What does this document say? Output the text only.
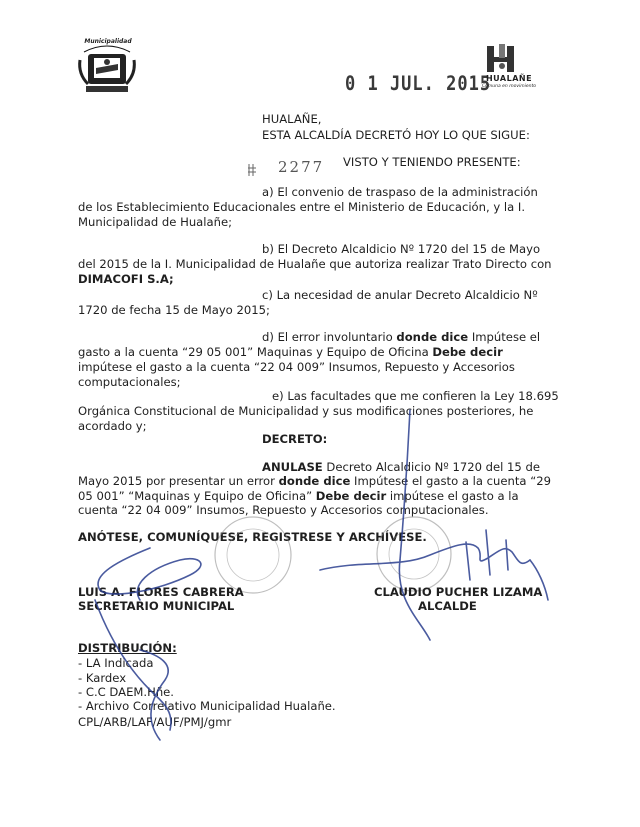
Municipalidad
Hualañe	0 1 JUL. 2015
HUALAÑE
Comuna en movimiento
HUALAÑE,
ESTA ALCALDÍA DECRETÓ HOY LO QUE SIGUE:
2277 VISTO Y TENIENDO PRESENTE:
a) El convenio de traspaso de la administración
de los Establecimiento Educacionales entre el Ministerio de Educación, y la I.
Municipalidad de Hualañe;
b) El Decreto Alcaldicio Nº 1720 del 15 de Mayo
del 2015 de la I. Municipalidad de Hualañe que autoriza realizar Trato Directo con
DIMACOFI S.A;
c) La necesidad de anular Decreto Alcaldicio Nº
1720 de fecha 15 de Mayo 2015;
d) El error involuntario donde dice Impútese el
gasto a la cuenta “29 05 001” Maquinas y Equipo de Oficina Debe decir
impútese el gasto a la cuenta “22 04 009” Insumos, Repuesto y Accesorios
computacionales;
e) Las facultades que me confieren la Ley 18.695
Orgánica Constitucional de Municipalidad y sus modificaciones posteriores, he
acordado y;
DECRETO:
ANULASE Decreto Alcaldicio Nº 1720 del 15 de
Mayo 2015 por presentar un error donde dice Impútese el gasto a la cuenta “29
05 001” “Maquinas y Equipo de Oficina” Debe decir impútese el gasto a la
cuenta “22 04 009” Insumos, Repuesto y Accesorios computacionales.
ANÓTESE, COMUNÍQUESE, REGISTRESE Y ARCHÍVESE.
LUIS A. FLORES CABRERA
SECRETARIO MUNICIPAL
CLAUDIO PUCHER LIZAMA
ALCALDE
DISTRIBUCIÓN:
- LA Indicada
- Kardex
- C.C DAEM.Hñe.
- Archivo Correlativo Municipalidad Hualañe.
CPL/ARB/LAF/AUF/PMJ/gmr
